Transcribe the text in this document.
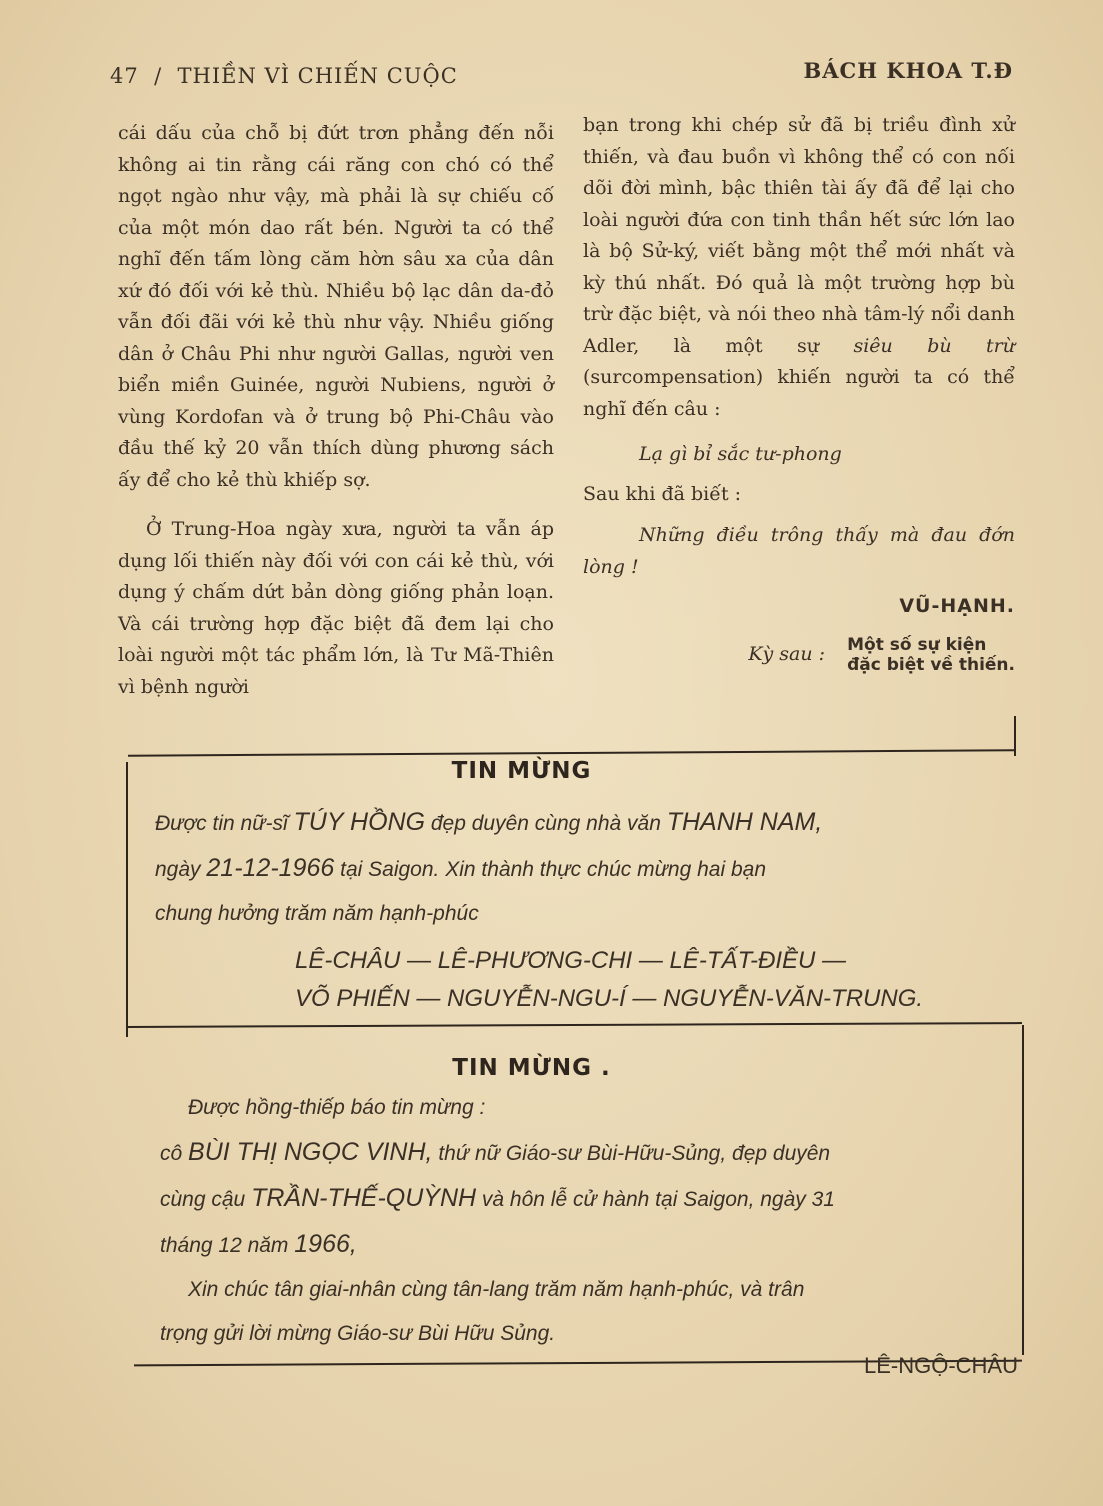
47 / THIỀN VÌ CHIẾN CUỘC	BÁCH KHOA T.Đ

cái dấu của chỗ bị đứt trơn phẳng đến nỗi không ai tin rằng cái răng con chó có thể ngọt ngào như vậy, mà phải là sự chiếu cố của một món dao rất bén. Người ta có thể nghĩ đến tấm lòng căm hờn sâu xa của dân xứ đó đối với kẻ thù. Nhiều bộ lạc dân da-đỏ vẫn đối đãi với kẻ thù như vậy. Nhiều giống dân ở Châu Phi như người Gallas, người ven biển miền Guinée, người Nubiens, người ở vùng Kordofan và ở trung bộ Phi-Châu vào đầu thế kỷ 20 vẫn thích dùng phương sách ấy để cho kẻ thù khiếp sợ.

Ở Trung-Hoa ngày xưa, người ta vẫn áp dụng lối thiến này đối với con cái kẻ thù, với dụng ý chấm dứt bản dòng giống phản loạn. Và cái trường hợp đặc biệt đã đem lại cho loài người một tác phẩm lớn, là Tư Mã-Thiên vì bệnh người

bạn trong khi chép sử đã bị triều đình xử thiến, và đau buồn vì không thể có con nối dõi đời mình, bậc thiên tài ấy đã để lại cho loài người đứa con tinh thần hết sức lớn lao là bộ Sử-ký, viết bằng một thể mới nhất và kỳ thú nhất. Đó quả là một trường hợp bù trừ đặc biệt, và nói theo nhà tâm-lý nổi danh Adler, là một sự siêu bù trừ (surcompensation) khiến người ta có thể nghĩ đến câu :

Lạ gì bỉ sắc tư-phong

Sau khi đã biết :

Những điều trông thấy mà đau đớn lòng !

VŨ-HẠNH.

Kỳ sau : Một số sự kiện
đặc biệt về thiến.

TIN MỪNG

Được tin nữ-sĩ TÚY HỒNG đẹp duyên cùng nhà văn THANH NAM,

ngày 21-12-1966 tại Saigon. Xin thành thực chúc mừng hai bạn

chung hưởng trăm năm hạnh-phúc

LÊ-CHÂU — LÊ-PHƯƠNG-CHI — LÊ-TẤT-ĐIỀU —

VÕ PHIẾN — NGUYỄN-NGU-Í — NGUYỄN-VĂN-TRUNG.

TIN MỪNG .

Được hồng-thiếp báo tin mừng :

cô BÙI THỊ NGỌC VINH, thứ nữ Giáo-sư Bùi-Hữu-Sủng, đẹp duyên

cùng cậu TRẦN-THẾ-QUỲNH và hôn lễ cử hành tại Saigon, ngày 31

tháng 12 năm 1966,

Xin chúc tân giai-nhân cùng tân-lang trăm năm hạnh-phúc, và trân

trọng gửi lời mừng Giáo-sư Bùi Hữu Sủng.

LÊ-NGỘ-CHÂU
